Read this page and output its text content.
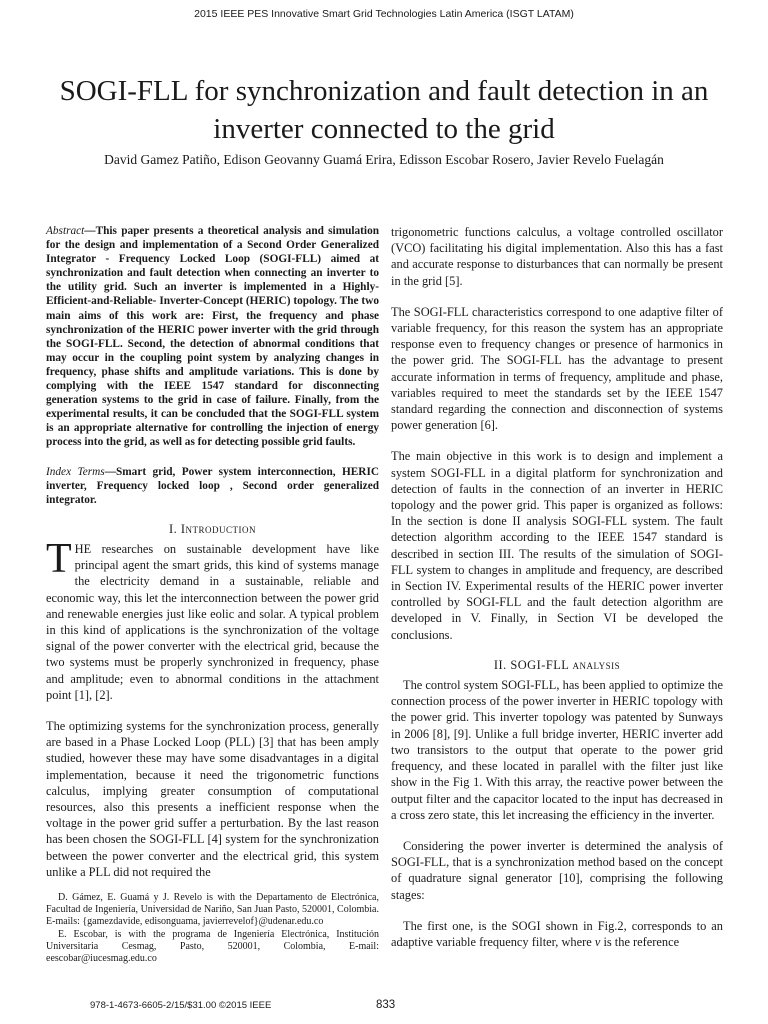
2015 IEEE PES Innovative Smart Grid Technologies Latin America (ISGT LATAM)
SOGI-FLL for synchronization and fault detection in an inverter connected to the grid
David Gamez Patiño, Edison Geovanny Guamá Erira, Edisson Escobar Rosero, Javier Revelo Fuelagán

Abstract—This paper presents a theoretical analysis and simulation for the design and implementation of a Second Order Generalized Integrator - Frequency Locked Loop (SOGI-FLL) aimed at synchronization and fault detection when connecting an inverter to the utility grid. Such an inverter is implemented in a Highly-Efficient-and-Reliable- Inverter-Concept (HERIC) topology. The two main aims of this work are: First, the frequency and phase synchronization of the HERIC power inverter with the grid through the SOGI-FLL. Second, the detection of abnormal conditions that may occur in the coupling point system by analyzing changes in frequency, phase shifts and amplitude variations. This is done by complying with the IEEE 1547 standard for disconnecting generation systems to the grid in case of failure. Finally, from the experimental results, it can be concluded that the SOGI-FLL system is an appropriate alternative for controlling the injection of energy process into the grid, as well as for detecting possible grid faults.

Index Terms—Smart grid, Power system interconnection, HERIC inverter, Frequency locked loop , Second order generalized integrator.

I. Introduction

THE researches on sustainable development have like principal agent the smart grids, this kind of systems manage the electricity demand in a sustainable, reliable and economic way, this let the interconnection between the power grid and renewable energies just like eolic and solar. A typical problem in this kind of applications is the synchronization of the voltage signal of the power converter with the electrical grid, because the two systems must be properly synchronized in frequency, phase and amplitude; even to abnormal conditions in the attachment point [1], [2].

The optimizing systems for the synchronization process, generally are based in a Phase Locked Loop (PLL) [3] that has been amply studied, however these may have some disadvantages in a digital implementation, because it need the trigonometric functions calculus, implying greater consumption of computational resources, also this presents a inefficient response when the voltage in the power grid suffer a perturbation. By the last reason has been chosen the SOGI-FLL [4] system for the synchronization between the power converter and the electrical grid, this system unlike a PLL did not required the

D. Gámez, E. Guamá y J. Revelo is with the Departamento de Electrónica, Facultad de Ingeniería, Universidad de Nariño, San Juan Pasto, 520001, Colombia. E-mails: {gamezdavide, edisonguama, javierrevelof}@udenar.edu.co

E. Escobar, is with the programa de Ingeniería Electrónica, Institución Universitaria Cesmag, Pasto, 520001, Colombia, E-mail: eescobar@iucesmag.edu.co

trigonometric functions calculus, a voltage controlled oscillator (VCO) facilitating his digital implementation. Also this has a fast and accurate response to disturbances that can normally be present in the grid [5].

The SOGI-FLL characteristics correspond to one adaptive filter of variable frequency, for this reason the system has an appropriate response even to frequency changes or presence of harmonics in the power grid. The SOGI-FLL has the advantage to present accurate information in terms of frequency, amplitude and phase, variables required to meet the standards set by the IEEE 1547 standard regarding the connection and disconnection of systems power generation [6].

The main objective in this work is to design and implement a system SOGI-FLL in a digital platform for synchronization and detection of faults in the connection of an inverter in HERIC topology and the power grid. This paper is organized as follows: In the section is done II analysis SOGI-FLL system. The fault detection algorithm according to the IEEE 1547 standard is described in section III. The results of the simulation of SOGI-FLL system to changes in amplitude and frequency, are described in Section IV. Experimental results of the HERIC power inverter controlled by SOGI-FLL and the fault detection algorithm are developed in V. Finally, in Section VI be developed the conclusions.

II. SOGI-FLL analysis

The control system SOGI-FLL, has been applied to optimize the connection process of the power inverter in HERIC topology with the power grid. This inverter topology was patented by Sunways in 2006 [8], [9]. Unlike a full bridge inverter, HERIC inverter add two transistors to the output that operate to the power grid frequency, and these located in parallel with the filter just like show in the Fig 1. With this array, the reactive power between the output filter and the capacitor located to the input has decreased in a cross zero state, this let increasing the efficiency in the inverter.

Considering the power inverter is determined the analysis of SOGI-FLL, that is a synchronization method based on the concept of quadrature signal generator [10], comprising the following stages:

The first one, is the SOGI shown in Fig.2, corresponds to an adaptive variable frequency filter, where v is the reference

978-1-4673-6605-2/15/$31.00 ©2015 IEEE	833
